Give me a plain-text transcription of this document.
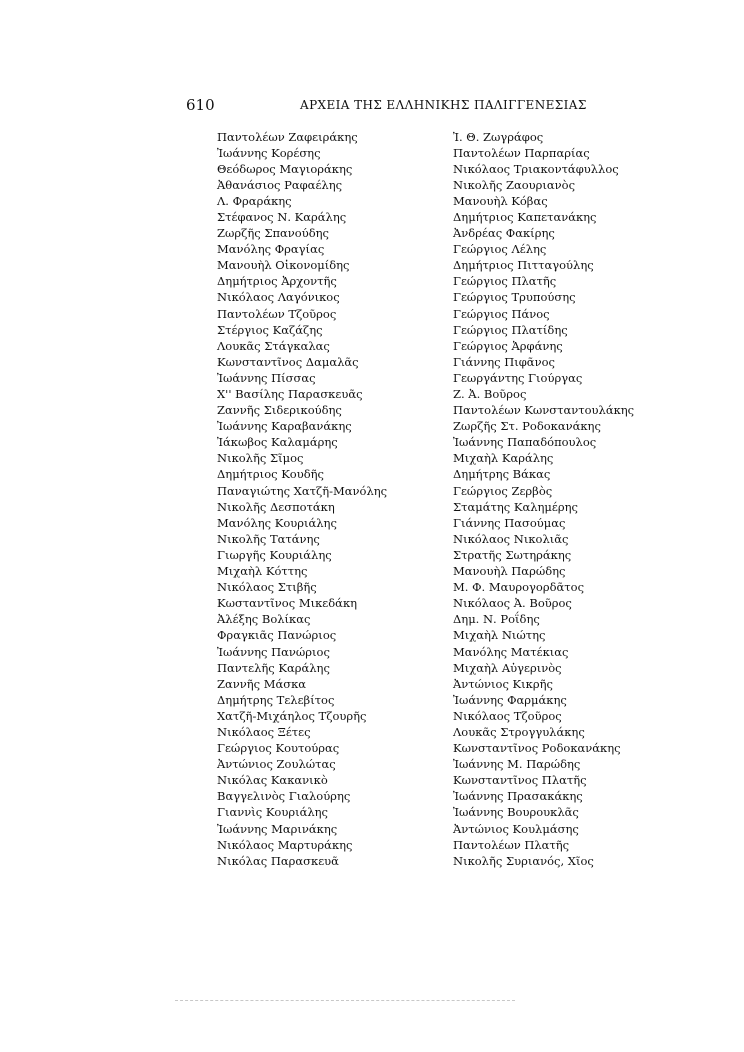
610	ΑΡΧΕΙΑ ΤΗΣ ΕΛΛΗΝΙΚΗΣ ΠΑΛΙΓΓΕΝΕΣΙΑΣ
Παντολέων Ζαφειράκης
Ἰωάννης Κορέσης
Θεόδωρος Μαγιοράκης
Ἀθανάσιος Ραφαέλης
Λ. Φραράκης
Στέφανος Ν. Καράλης
Ζωρζῆς Σπανούδης
Μανόλης Φραγίας
Μανουὴλ Οἰκονομίδης
Δημήτριος Ἀρχοντῆς
Νικόλαος Λαγόνικος
Παντολέων Τζοῦρος
Στέργιος Καζάζης
Λουκᾶς Στάγκαλας
Κωνσταντῖνος Δαμαλᾶς
Ἰωάννης Πίσσας
Χ'' Βασίλης Παρασκευᾶς
Ζαννῆς Σιδερικούδης
Ἰωάννης Καραβανάκης
Ἰάκωβος Καλαμάρης
Νικολῆς Σῖμος
Δημήτριος Κουδῆς
Παναγιώτης Χατζῆ-Μανόλης
Νικολῆς Δεσποτάκη
Μανόλης Κουριάλης
Νικολῆς Τατάνης
Γιωργῆς Κουριάλης
Μιχαὴλ Κόττης
Νικόλαος Στιβῆς
Κωσταντῖνος Μικεδάκη
Ἀλέξης Βολίκας
Φραγκιᾶς Πανώριος
Ἰωάννης Πανώριος
Παντελῆς Καράλης
Ζαννῆς Μάσκα
Δημήτρης Τελεβίτος
Χατζῆ-Μιχάηλος Τζουρῆς
Νικόλαος Ξέτες
Γεώργιος Κουτούρας
Ἀντώνιος Ζουλώτας
Νικόλας Κακανικὸ
Βαγγελινὸς Γιαλούρης
Γιαννὶς Κουριάλης
Ἰωάννης Μαρινάκης
Νικόλαος Μαρτυράκης
Νικόλας Παρασκευᾶ
Ἰ. Θ. Ζωγράφος
Παντολέων Παρπαρίας
Νικόλαος Τριακοντάφυλλος
Νικολῆς Ζαουριανὸς
Μανουὴλ Κόβας
Δημήτριος Καπετανάκης
Ἀνδρέας Φακίρης
Γεώργιος Λέλης
Δημήτριος Πιτταγούλης
Γεώργιος Πλατῆς
Γεώργιος Τρυπούσης
Γεώργιος Πάνος
Γεώργιος Πλατίδης
Γεώργιος Ἀρφάνης
Γιάννης Πιφᾶνος
Γεωργάντης Γιούργας
Ζ. Ἀ. Βοῦρος
Παντολέων Κωνσταντουλάκης
Ζωρζῆς Στ. Ροδοκανάκης
Ἰωάννης Παπαδόπουλος
Μιχαὴλ Καράλης
Δημήτρης Βάκας
Γεώργιος Ζερβὸς
Σταμάτης Καλημέρης
Γιάννης Πασούμας
Νικόλαος Νικολιᾶς
Στρατῆς Σωτηράκης
Μανουὴλ Παρώδης
Μ. Φ. Μαυρογορδᾶτος
Νικόλαος Ἀ. Βοῦρος
Δημ. Ν. Ροΐδης
Μιχαὴλ Νιώτης
Μανόλης Ματέκιας
Μιχαὴλ Αὐγερινὸς
Ἀντώνιος Κικρῆς
Ἰωάννης Φαρμάκης
Νικόλαος Τζοῦρος
Λουκᾶς Στρογγυλάκης
Κωνσταντῖνος Ροδοκανάκης
Ἰωάννης Μ. Παρώδης
Κωνσταντῖνος Πλατῆς
Ἰωάννης Πρασακάκης
Ἰωάννης Βουρουκλᾶς
Ἀντώνιος Κουλμάσης
Παντολέων Πλατῆς
Νικολῆς Συριανός, Χῖος
